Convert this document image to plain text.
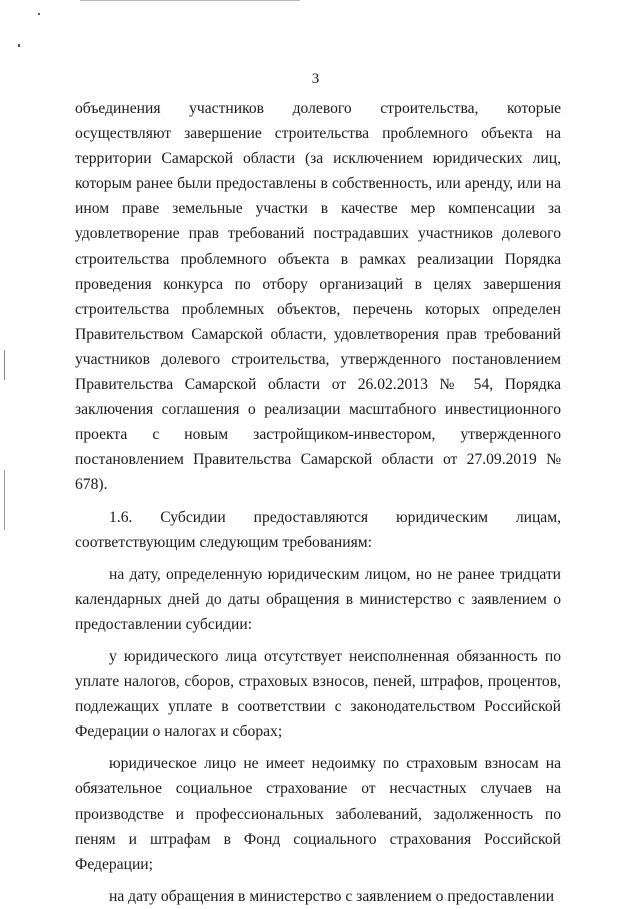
3

объединения участников долевого строительства, которые осуществляют завершение строительства проблемного объекта на территории Самарской области (за исключением юридических лиц, которым ранее были предоставлены в собственность, или аренду, или на ином праве земельные участки в качестве мер компенсации за удовлетворение прав требований пострадавших участников долевого строительства проблемного объекта в рамках реализации Порядка проведения конкурса по отбору организаций в целях завершения строительства проблемных объектов, перечень которых определен Правительством Самарской области, удовлетворения прав требований участников долевого строительства, утвержденного постановлением Правительства Самарской области от 26.02.2013 № 54, Порядка заключения соглашения о реализации масштабного инвестиционного проекта с новым застройщиком-инвестором, утвержденного постановлением Правительства Самарской области от 27.09.2019 № 678).

1.6. Субсидии предоставляются юридическим лицам, соответствующим следующим требованиям:

на дату, определенную юридическим лицом, но не ранее тридцати календарных дней до даты обращения в министерство с заявлением о предоставлении субсидии:

у юридического лица отсутствует неисполненная обязанность по уплате налогов, сборов, страховых взносов, пеней, штрафов, процентов, подлежащих уплате в соответствии с законодательством Российской Федерации о налогах и сборах;

юридическое лицо не имеет недоимку по страховым взносам на обязательное социальное страхование от несчастных случаев на производстве и профессиональных заболеваний, задолженность по пеням и штрафам в Фонд социального страхования Российской Федерации;

на дату обращения в министерство с заявлением о предоставлении
